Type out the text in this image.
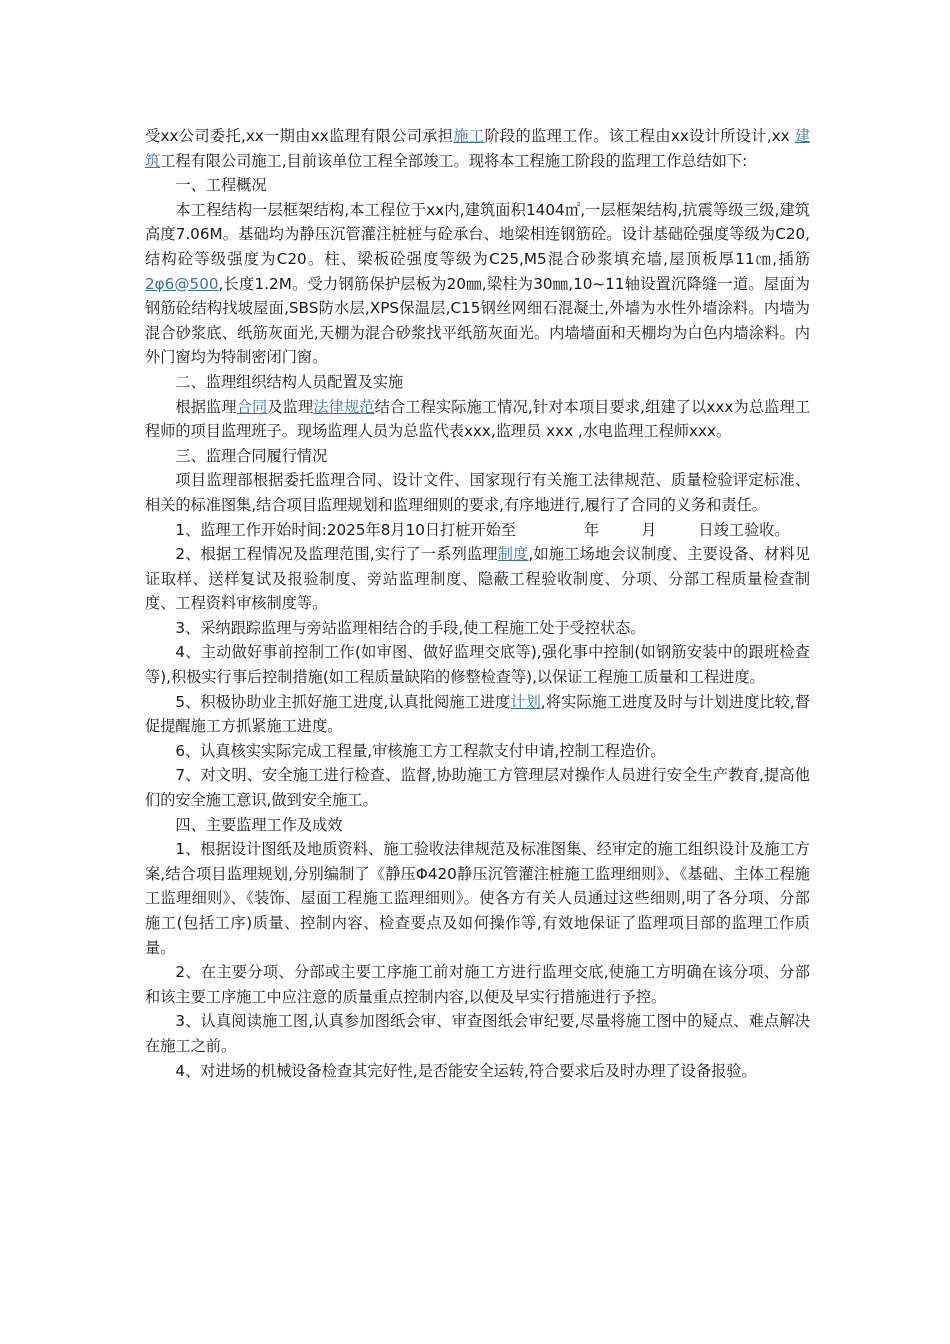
受xx公司委托,xx一期由xx监理有限公司承担施工阶段的监理工作。该工程由xx设计所设计,xx 建筑工程有限公司施工,目前该单位工程全部竣工。现将本工程施工阶段的监理工作总结如下:

一、工程概况

本工程结构一层框架结构,本工程位于xx内,建筑面积1404㎡,一层框架结构,抗震等级三级,建筑高度7.06M。基础均为静压沉管灌注桩桩与砼承台、地梁相连钢筋砼。设计基础砼强度等级为C20,结构砼等级强度为C20。柱、梁板砼强度等级为C25,M5混合砂浆填充墙,屋顶板厚11㎝,插筋2φ6@500,长度1.2M。受力钢筋保护层板为20㎜,梁柱为30㎜,10~11轴设置沉降缝一道。屋面为钢筋砼结构找坡屋面,SBS防水层,XPS保温层,C15钢丝网细石混凝土,外墙为水性外墙涂料。内墙为混合砂浆底、纸筋灰面光,天棚为混合砂浆找平纸筋灰面光。内墙墙面和天棚均为白色内墙涂料。内外门窗均为特制密闭门窗。

二、监理组织结构人员配置及实施

根据监理合同及监理法律规范结合工程实际施工情况,针对本项目要求,组建了以xxx为总监理工程师的项目监理班子。现场监理人员为总监代表xxx,监理员 xxx ,水电监理工程师xxx。

三、监理合同履行情况

项目监理部根据委托监理合同、设计文件、国家现行有关施工法律规范、质量检验评定标准、相关的标准图集,结合项目监理规划和监理细则的要求,有序地进行,履行了合同的义务和责任。

1、监理工作开始时间:2025年8月10日打桩开始至	年	月	日竣工验收。

2、根据工程情况及监理范围,实行了一系列监理制度,如施工场地会议制度、主要设备、材料见证取样、送样复试及报验制度、旁站监理制度、隐蔽工程验收制度、分项、分部工程质量检查制度、工程资料审核制度等。

3、采纳跟踪监理与旁站监理相结合的手段,使工程施工处于受控状态。

4、主动做好事前控制工作(如审图、做好监理交底等),强化事中控制(如钢筋安装中的跟班检查等),积极实行事后控制措施(如工程质量缺陷的修整检查等),以保证工程施工质量和工程进度。

5、积极协助业主抓好施工进度,认真批阅施工进度计划,将实际施工进度及时与计划进度比较,督促提醒施工方抓紧施工进度。

6、认真核实实际完成工程量,审核施工方工程款支付申请,控制工程造价。

7、对文明、安全施工进行检查、监督,协助施工方管理层对操作人员进行安全生产教育,提高他们的安全施工意识,做到安全施工。

四、主要监理工作及成效

1、根据设计图纸及地质资料、施工验收法律规范及标准图集、经审定的施工组织设计及施工方案,结合项目监理规划,分别编制了《静压Φ420静压沉管灌注桩施工监理细则》、《基础、主体工程施工监理细则》、《装饰、屋面工程施工监理细则》。使各方有关人员通过这些细则,明了各分项、分部施工(包括工序)质量、控制内容、检查要点及如何操作等,有效地保证了监理项目部的监理工作质量。

2、在主要分项、分部或主要工序施工前对施工方进行监理交底,使施工方明确在该分项、分部和该主要工序施工中应注意的质量重点控制内容,以便及早实行措施进行予控。

3、认真阅读施工图,认真参加图纸会审、审查图纸会审纪要,尽量将施工图中的疑点、难点解决在施工之前。

4、对进场的机械设备检查其完好性,是否能安全运转,符合要求后及时办理了设备报验。
